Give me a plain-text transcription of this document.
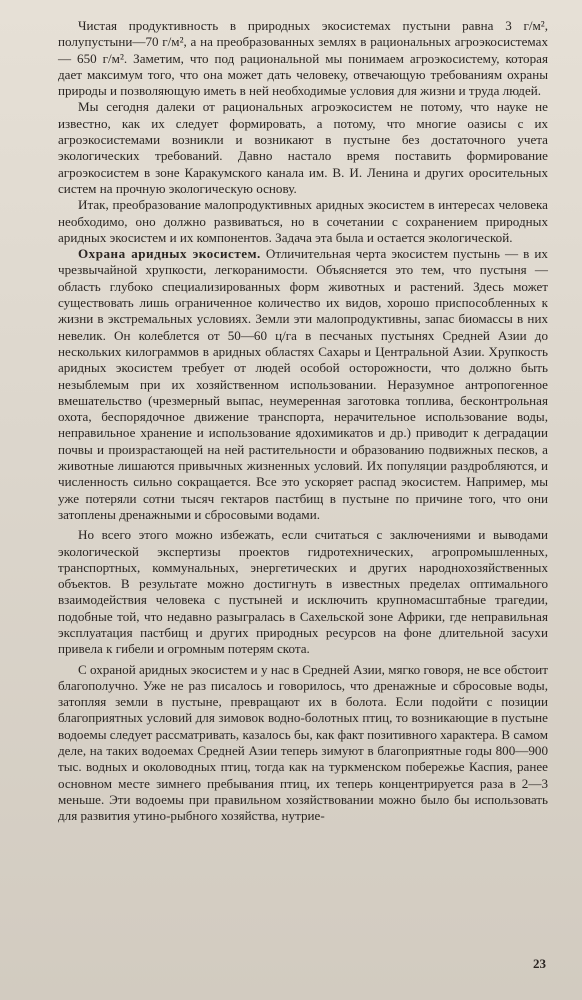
Чистая продуктивность в природных экосистемах пустыни равна 3 г/м², полупустыни—70 г/м², а на преобразованных землях в рациональных агроэкосистемах — 650 г/м². Заметим, что под рациональной мы понимаем агроэкосистему, которая дает максимум того, что она может дать человеку, отвечающую требованиям охраны природы и позволяющую иметь в ней необходимые условия для жизни и труда людей.

Мы сегодня далеки от рациональных агроэкосистем не потому, что науке не известно, как их следует формировать, а потому, что многие оазисы с их агроэкосистемами возникли и возникают в пустыне без достаточного учета экологических требований. Давно настало время поставить формирование агроэкосистем в зоне Каракумского канала им. В. И. Ленина и других оросительных систем на прочную экологическую основу.

Итак, преобразование малопродуктивных аридных экосистем в интересах человека необходимо, оно должно развиваться, но в сочетании с сохранением природных аридных экосистем и их компонентов. Задача эта была и остается экологической.

Охрана аридных экосистем. Отличительная черта экосистем пустынь — в их чрезвычайной хрупкости, легкоранимости. Объясняется это тем, что пустыня — область глубоко специализированных форм животных и растений. Здесь может существовать лишь ограниченное количество их видов, хорошо приспособленных к жизни в экстремальных условиях. Земли эти малопродуктивны, запас биомассы в них невелик. Он колеблется от 50—60 ц/га в песчаных пустынях Средней Азии до нескольких килограммов в аридных областях Сахары и Центральной Азии. Хрупкость аридных экосистем требует от людей особой осторожности, что должно быть незыблемым при их хозяйственном использовании. Неразумное антропогенное вмешательство (чрезмерный выпас, неумеренная заготовка топлива, бесконтрольная охота, беспорядочное движение транспорта, нерачительное использование воды, неправильное хранение и использование ядохимикатов и др.) приводит к деградации почвы и произрастающей на ней растительности и образованию подвижных песков, а животные лишаются привычных жизненных условий. Их популяции раздробляются, и численность сильно сокращается. Все это ускоряет распад экосистем. Например, мы уже потеряли сотни тысяч гектаров пастбищ в пустыне по причине того, что они затоплены дренажными и сбросовыми водами.

Но всего этого можно избежать, если считаться с заключениями и выводами экологической экспертизы проектов гидротехнических, агропромышленных, транспортных, коммунальных, энергетических и других народнохозяйственных объектов. В результате можно достигнуть в известных пределах оптимального взаимодействия человека с пустыней и исключить крупномасштабные трагедии, подобные той, что недавно разыгралась в Сахельской зоне Африки, где неправильная эксплуатация пастбищ и других природных ресурсов на фоне длительной засухи привела к гибели и огромным потерям скота.

С охраной аридных экосистем и у нас в Средней Азии, мягко говоря, не все обстоит благополучно. Уже не раз писалось и говорилось, что дренажные и сбросовые воды, затопляя земли в пустыне, превращают их в болота. Если подойти с позиции благоприятных условий для зимовок водно-болотных птиц, то возникающие в пустыне водоемы следует рассматривать, казалось бы, как факт позитивного характера. В самом деле, на таких водоемах Средней Азии теперь зимуют в благоприятные годы 800—900 тыс. водных и околоводных птиц, тогда как на туркменском побережье Каспия, ранее основном месте зимнего пребывания птиц, их теперь концентрируется раза в 2—3 меньше. Эти водоемы при правильном хозяйствовании можно было бы использовать для развития утино-рыбного хозяйства, нутрие-

23
